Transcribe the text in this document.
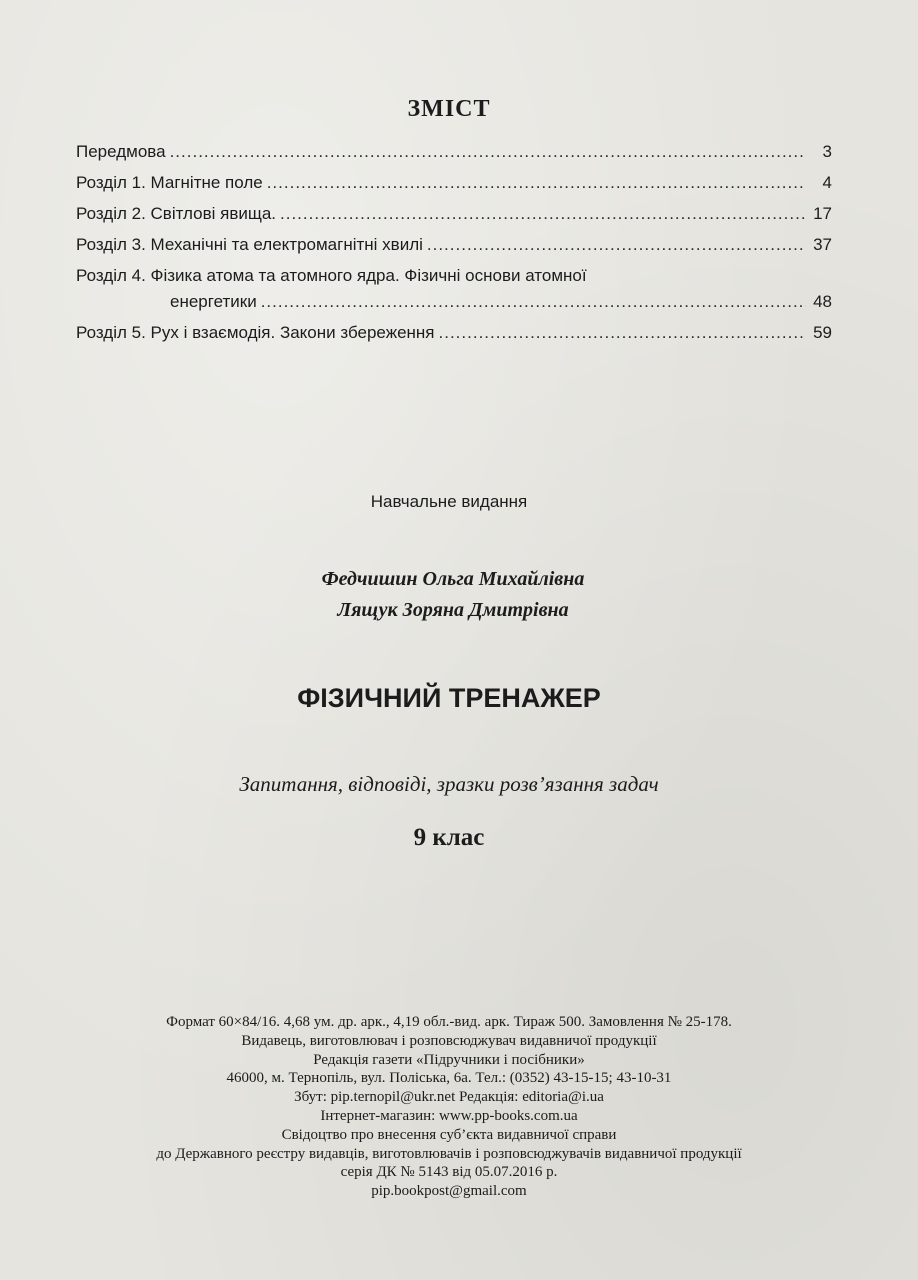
ЗМІСТ
Передмова .....	3
Розділ 1. Магнітне поле .....	4
Розділ 2. Світлові явища. .....	17
Розділ 3. Механічні та електромагнітні хвилі .....	37
Розділ 4. Фізика атома та атомного ядра. Фізичні основи атомної
енергетики .....	48
Розділ 5. Рух і взаємодія. Закони збереження .....	59
Навчальне видання
Федчишин Ольга Михайлівна
Лящук Зоряна Дмитрівна
ФІЗИЧНИЙ ТРЕНАЖЕР
Запитання, відповіді, зразки розв’язання задач
9 клас
Формат 60×84/16. 4,68 ум. др. арк., 4,19 обл.-вид. арк. Тираж 500. Замовлення № 25-178.
Видавець, виготовлювач і розповсюджувач видавничої продукції
Редакція газети «Підручники і посібники»
46000, м. Тернопіль, вул. Поліська, 6а. Тел.: (0352) 43-15-15; 43-10-31
Збут: pip.ternopil@ukr.net Редакція: editoria@i.ua
Інтернет-магазин: www.pp-books.com.ua
Свідоцтво про внесення суб’єкта видавничої справи
до Державного реєстру видавців, виготовлювачів і розповсюджувачів видавничої продукції
серія ДК № 5143 від 05.07.2016 р.
pip.bookpost@gmail.com
